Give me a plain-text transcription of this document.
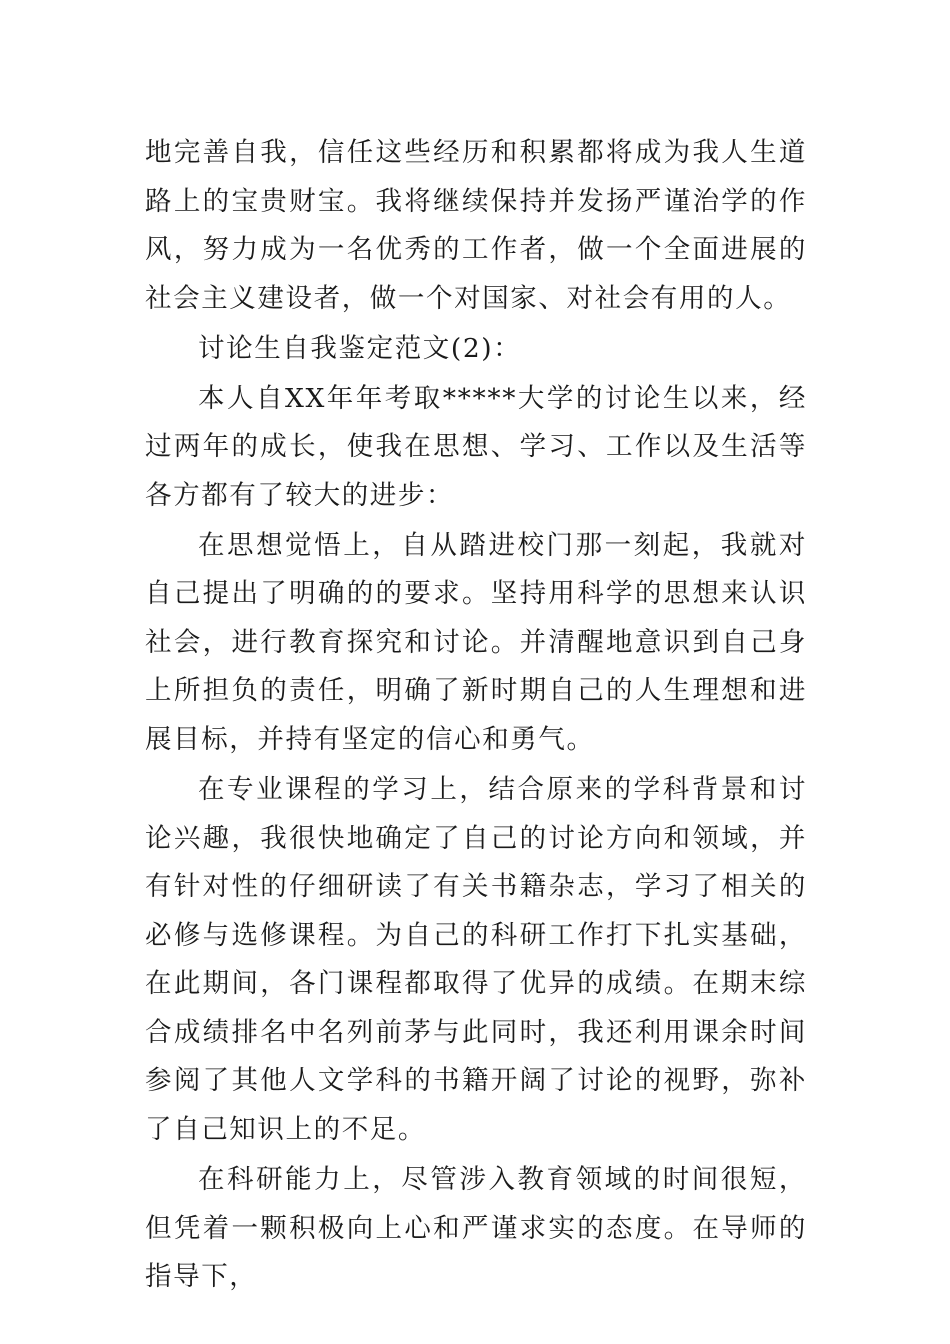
地完善自我，信任这些经历和积累都将成为我人生道路上的宝贵财宝。我将继续保持并发扬严谨治学的作风，努力成为一名优秀的工作者，做一个全面进展的社会主义建设者，做一个对国家、对社会有用的人。

讨论生自我鉴定范文(2)：

本人自XX年年考取*****大学的讨论生以来，经过两年的成长，使我在思想、学习、工作以及生活等各方都有了较大的进步：

在思想觉悟上，自从踏进校门那一刻起，我就对自己提出了明确的的要求。坚持用科学的思想来认识社会，进行教育探究和讨论。并清醒地意识到自己身上所担负的责任，明确了新时期自己的人生理想和进展目标，并持有坚定的信心和勇气。

在专业课程的学习上，结合原来的学科背景和讨论兴趣，我很快地确定了自己的讨论方向和领域，并有针对性的仔细研读了有关书籍杂志，学习了相关的必修与选修课程。为自己的科研工作打下扎实基础，在此期间，各门课程都取得了优异的成绩。在期末综合成绩排名中名列前茅与此同时，我还利用课余时间参阅了其他人文学科的书籍开阔了讨论的视野，弥补了自己知识上的不足。

在科研能力上，尽管涉入教育领域的时间很短，但凭着一颗积极向上心和严谨求实的态度。在导师的指导下，
